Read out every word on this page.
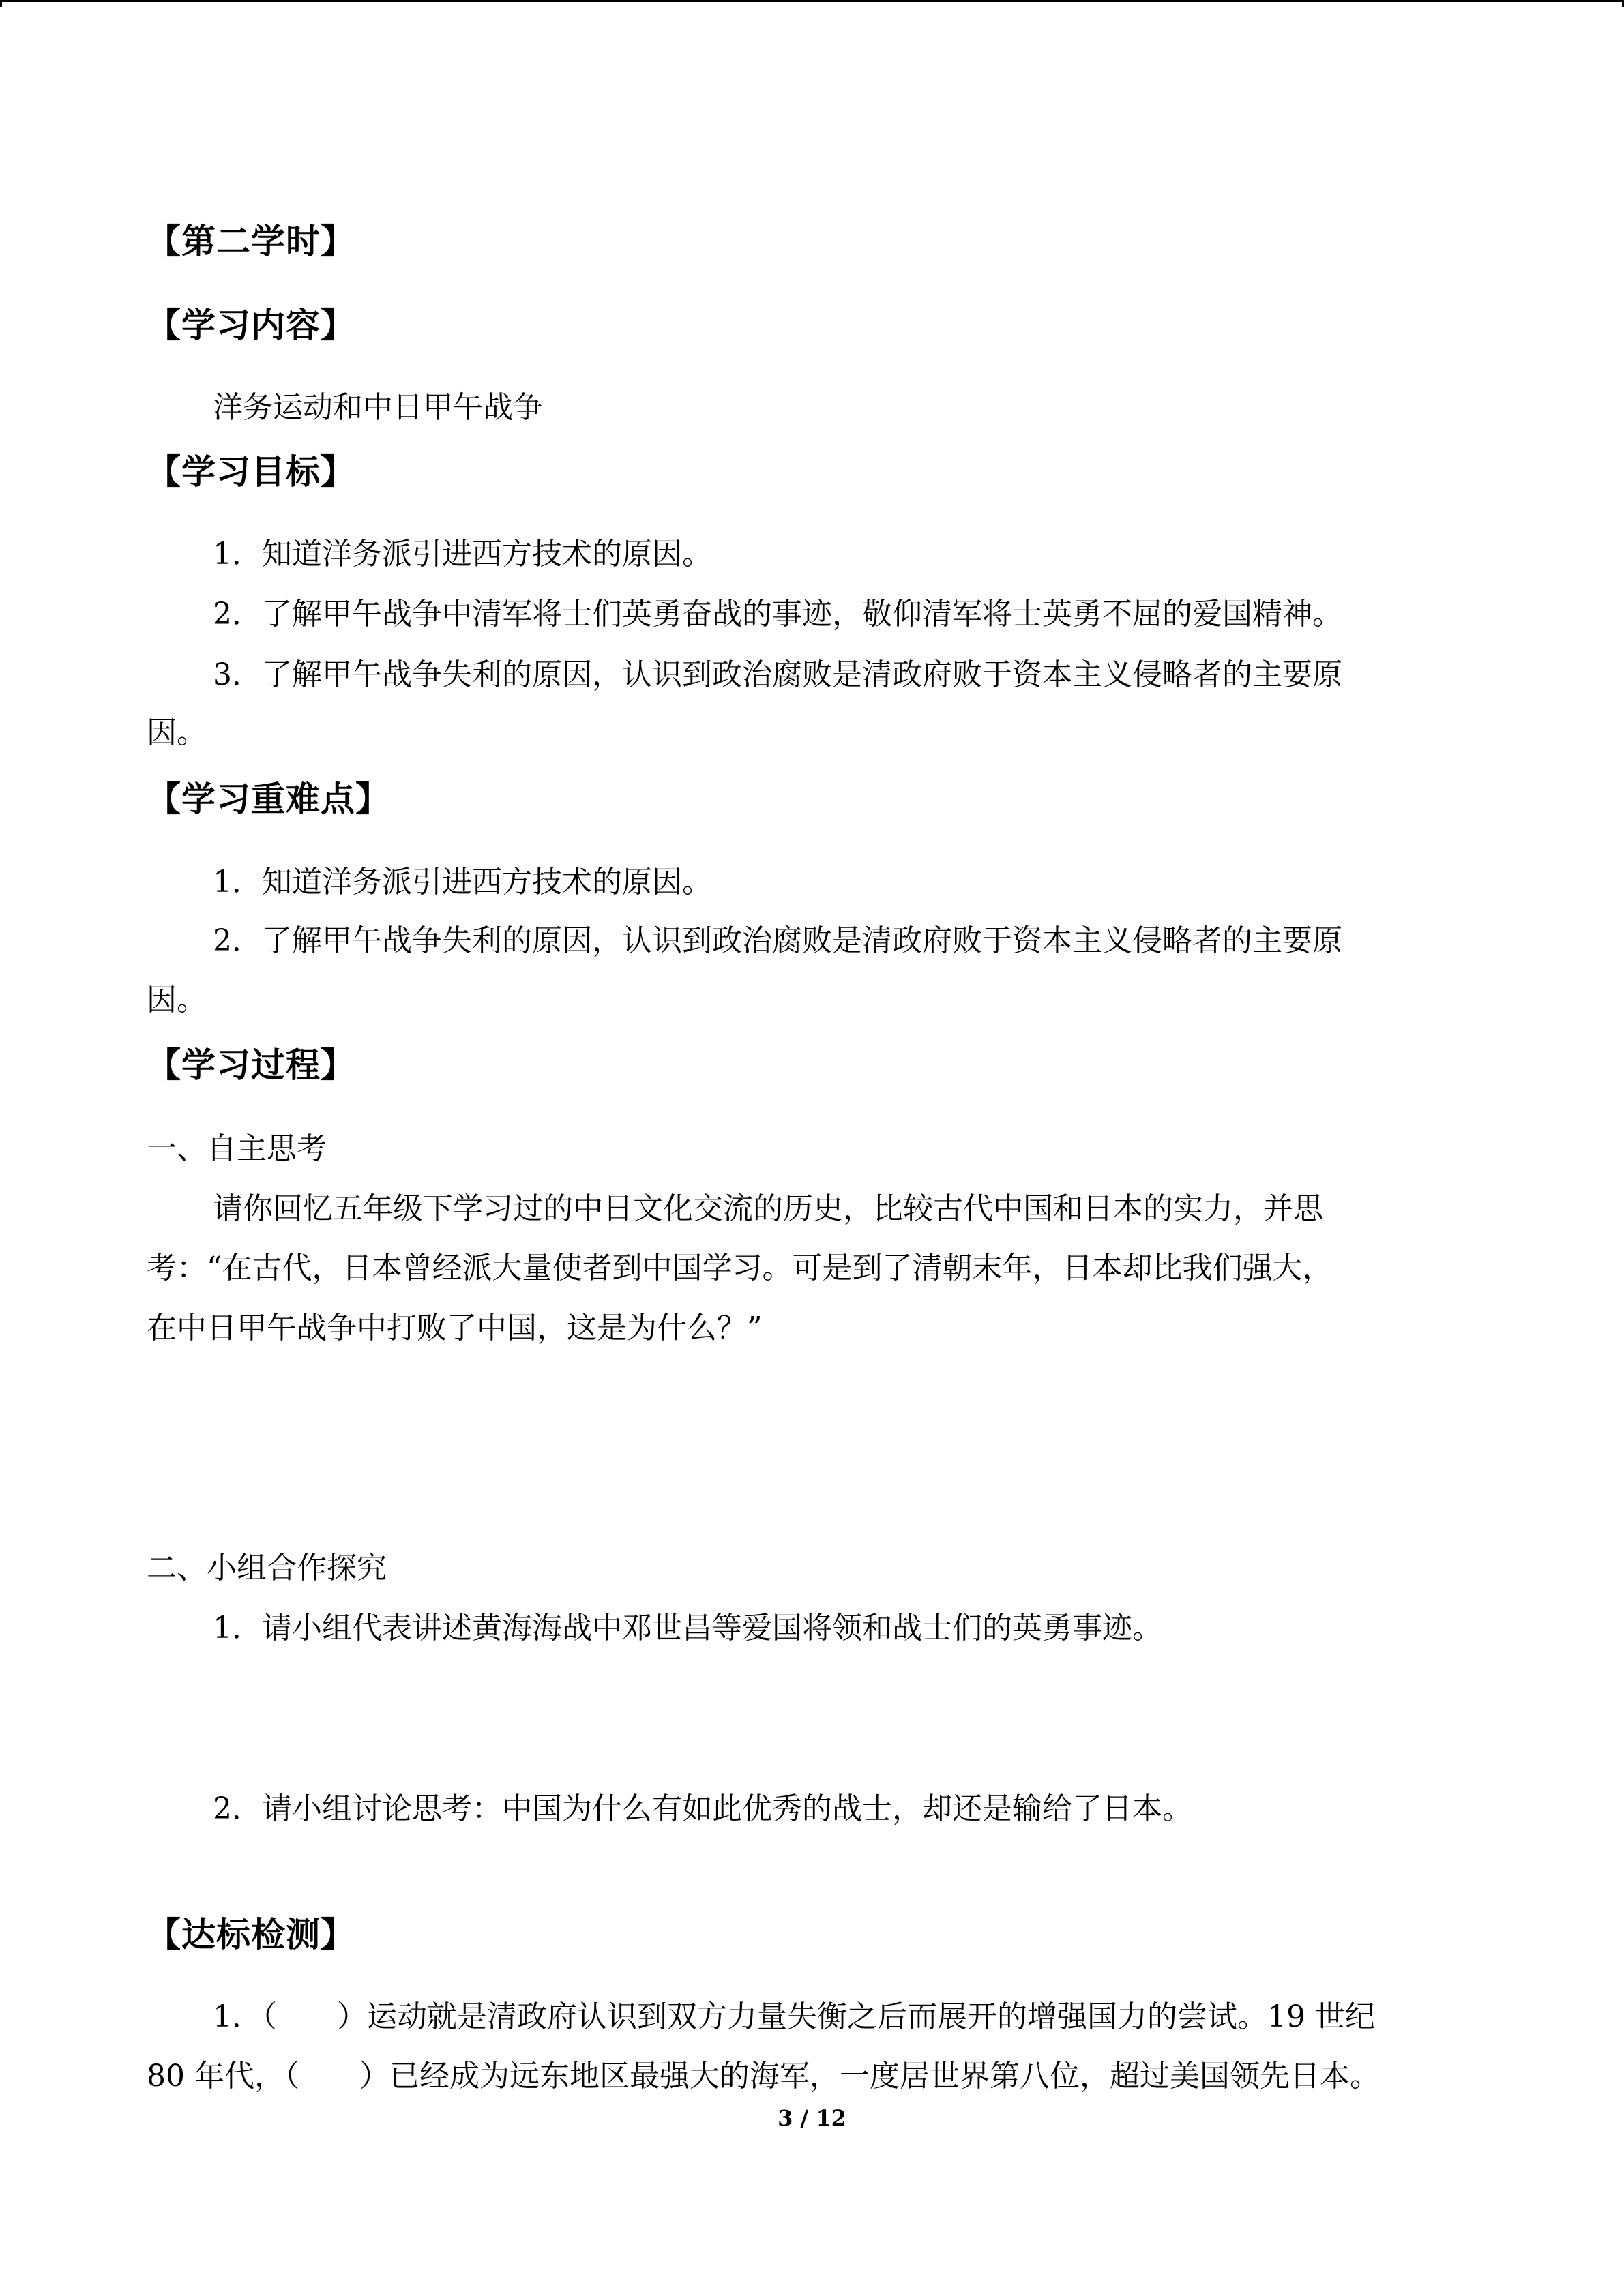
【第二学时】
【学习内容】
洋务运动和中日甲午战争
【学习目标】
1．知道洋务派引进西方技术的原因。
2．了解甲午战争中清军将士们英勇奋战的事迹，敬仰清军将士英勇不屈的爱国精神。
3．了解甲午战争失利的原因，认识到政治腐败是清政府败于资本主义侵略者的主要原
因。
【学习重难点】
1．知道洋务派引进西方技术的原因。
2．了解甲午战争失利的原因，认识到政治腐败是清政府败于资本主义侵略者的主要原
因。
【学习过程】
一、自主思考
请你回忆五年级下学习过的中日文化交流的历史，比较古代中国和日本的实力，并思
考：“在古代，日本曾经派大量使者到中国学习。可是到了清朝末年，日本却比我们强大，
在中日甲午战争中打败了中国，这是为什么？”
二、小组合作探究
1．请小组代表讲述黄海海战中邓世昌等爱国将领和战士们的英勇事迹。
2．请小组讨论思考：中国为什么有如此优秀的战士，却还是输给了日本。
【达标检测】
1．（　　）运动就是清政府认识到双方力量失衡之后而展开的增强国力的尝试。19 世纪
80 年代，（　　）已经成为远东地区最强大的海军，一度居世界第八位，超过美国领先日本。
3 / 12
